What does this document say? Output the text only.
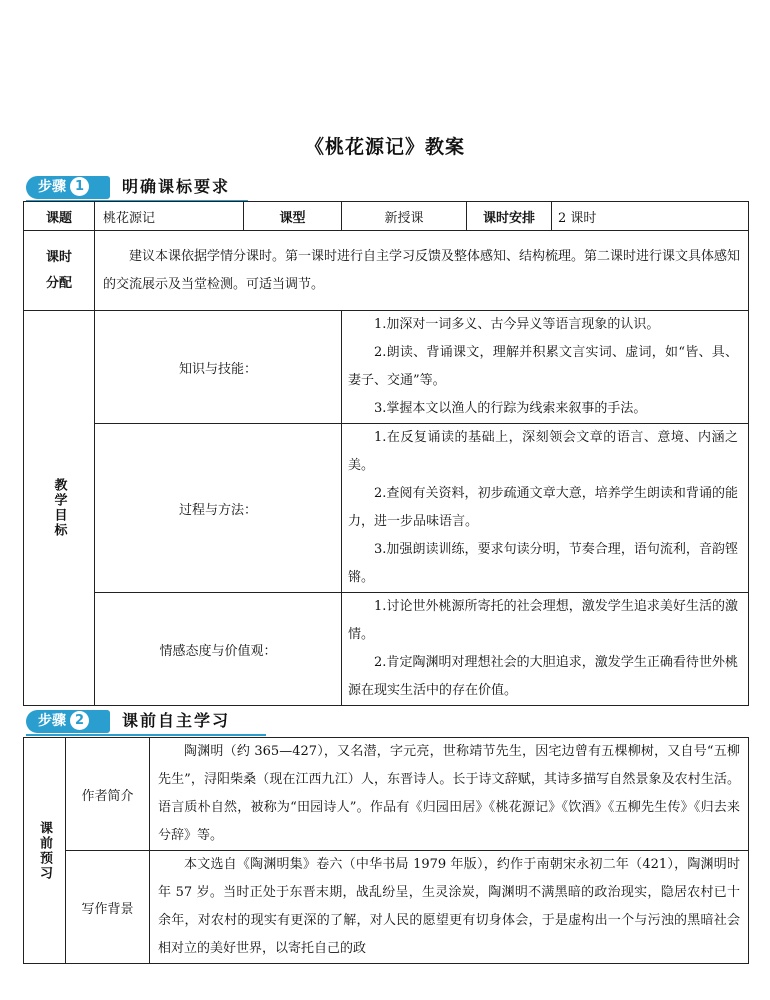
《桃花源记》教案
步骤 1	明确课标要求
课题	桃花源记	课型	新授课	课时安排	2 课时

课时
分配	建议本课依据学情分课时。第一课时进行自主学习反馈及整体感知、结构梳理。第二课时进行课文具体感知的交流展示及当堂检测。可适当调节。				

教学目标	知识与技能：		1.加深对一词多义、古今异义等语言现象的认识。

2.朗读、背诵课文，理解并积累文言实词、虚词，如“皆、具、妻子、交通”等。

3.掌握本文以渔人的行踪为线索来叙事的手法。		

	过程与方法：		1.在反复诵读的基础上，深刻领会文章的语言、意境、内涵之美。

2.查阅有关资料，初步疏通文章大意，培养学生朗读和背诵的能力，进一步品味语言。

3.加强朗读训练，要求句读分明，节奏合理，语句流利，音韵铿锵。		

	情感态度与价值观：		1.讨论世外桃源所寄托的社会理想，激发学生追求美好生活的激情。

2.肯定陶渊明对理想社会的大胆追求，激发学生正确看待世外桃源在现实生活中的存在价值。		

步骤 2	课前自主学习
课前预习	作者简介	陶渊明（约 365—427），又名潜，字元亮，世称靖节先生，因宅边曾有五棵柳树，又自号“五柳先生”，浔阳柴桑（现在江西九江）人，东晋诗人。长于诗文辞赋，其诗多描写自然景象及农村生活。语言质朴自然，被称为“田园诗人”。作品有《归园田居》《桃花源记》《饮酒》《五柳先生传》《归去来兮辞》等。
	写作背景	本文选自《陶渊明集》卷六（中华书局 1979 年版），约作于南朝宋永初二年（421），陶渊明时年 57 岁。当时正处于东晋末期，战乱纷呈，生灵涂炭，陶渊明不满黑暗的政治现实，隐居农村已十余年，对农村的现实有更深的了解，对人民的愿望更有切身体会，于是虚构出一个与污浊的黑暗社会相对立的美好世界，以寄托自己的政
